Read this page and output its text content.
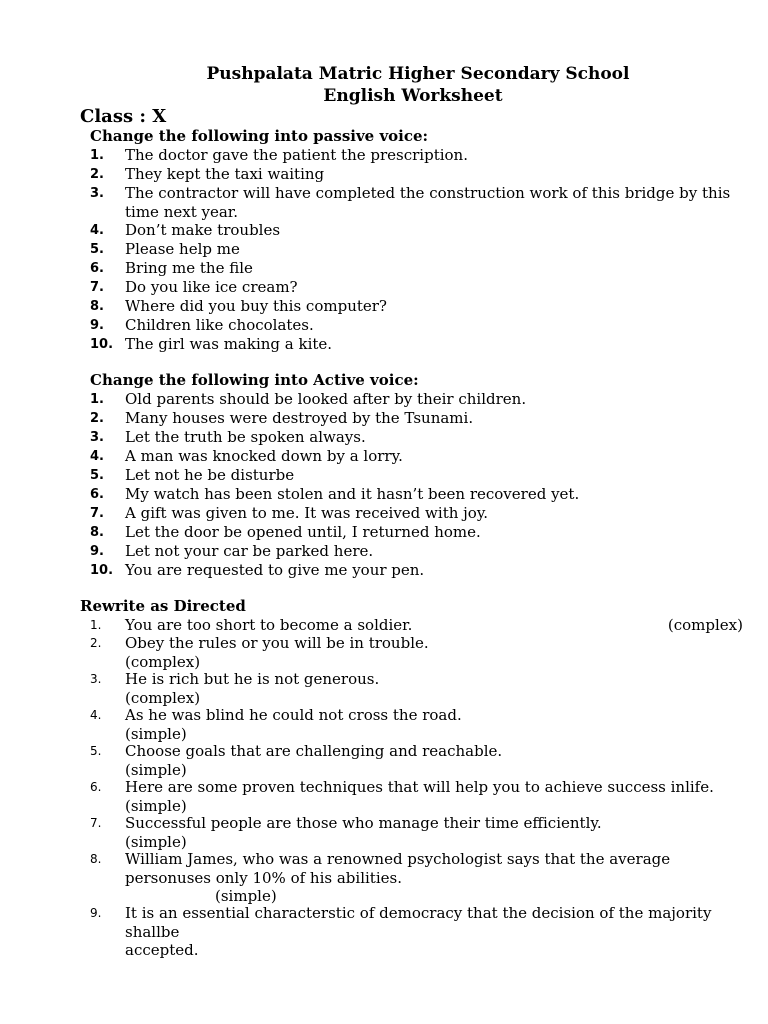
Pushpalata Matric Higher Secondary School
English Worksheet
Class : X
Change the following into passive voice:
1. The doctor gave the patient the prescription.
2. They kept the taxi waiting
3. The contractor will have completed the construction work of this bridge by this time next year.
4. Don’t make troubles
5. Please help me
6. Bring me the file
7. Do you like ice cream?
8. Where did you buy this computer?
9. Children like chocolates.
10. The girl was making a kite.
Change the following into Active voice:
1. Old parents should be looked after by their children.
2. Many houses were destroyed by the Tsunami.
3. Let the truth be spoken always.
4. A man was knocked down by a lorry.
5. Let not he be disturbe
6. My watch has been stolen and it hasn’t been recovered yet.
7. A gift was given to me. It was received with joy.
8. Let the door be opened until, I returned home.
9. Let not your car be parked here.
10. You are requested to give me your pen.
Rewrite as Directed
1. You are too short to become a soldier.	(complex)
2. Obey the rules or you will be in trouble.
(complex)
3. He is rich but he is not generous.
(complex)
4. As he was blind he could not cross the road.
(simple)
5. Choose goals that are challenging and reachable.
(simple)
6. Here are some proven techniques that will help you to achieve success inlife.
(simple)
7. Successful people are those who manage their time efficiently.
(simple)
8. William James, who was a renowned psychologist says that the average
personuses only 10% of his abilities.
(simple)
9. It is an essential characterstic of democracy that the decision of the majority
shallbe
accepted.
